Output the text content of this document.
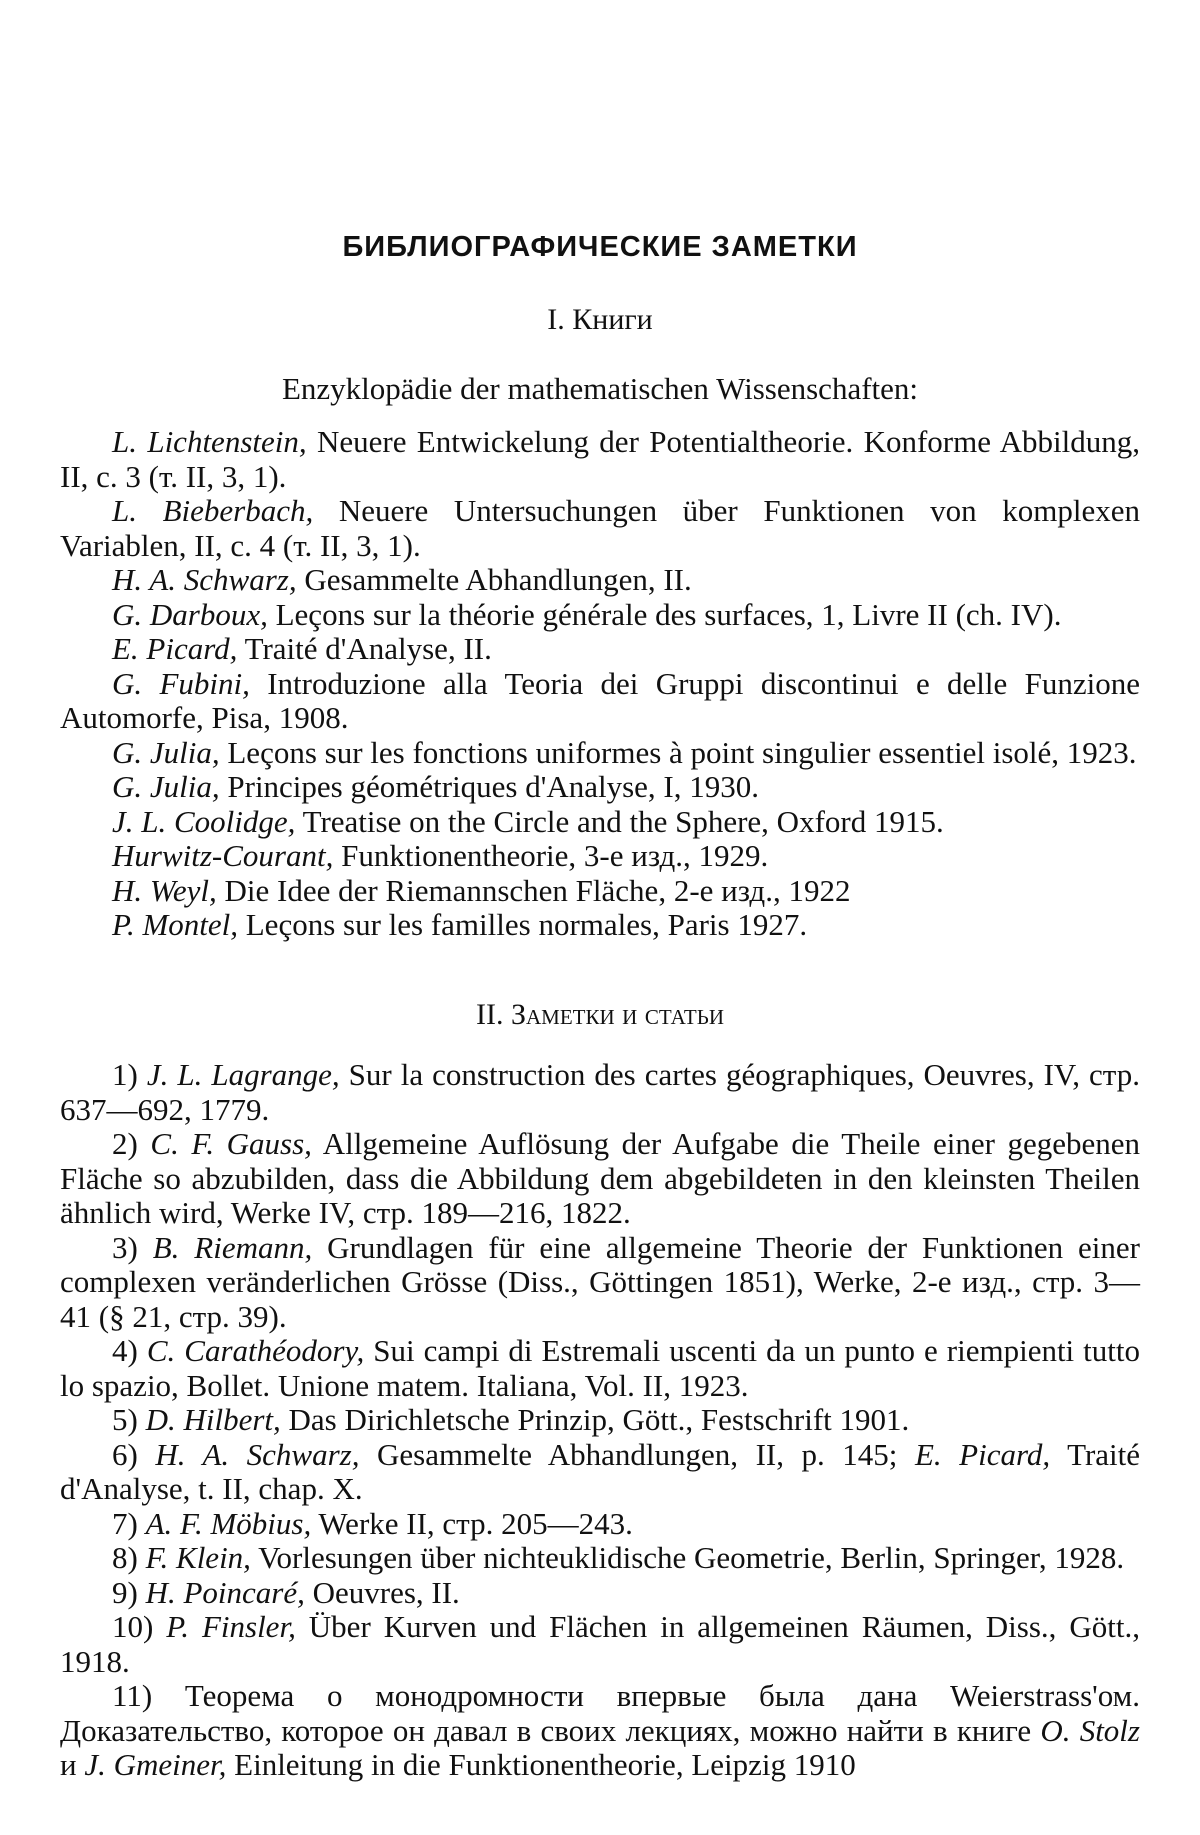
БИБЛИОГРАФИЧЕСКИЕ ЗАМЕТКИ
I. Книги
Enzyklopädie der mathematischen Wissenschaften:

L. Lichtenstein, Neuere Entwickelung der Potentialtheorie. Konforme Abbildung, II, с. 3 (т. II, 3, 1).

L. Bieberbach, Neuere Untersuchungen über Funktionen von komplexen Variablen, II, с. 4 (т. II, 3, 1).

H. A. Schwarz, Gesammelte Abhandlungen, II.

G. Darboux, Leçons sur la théorie générale des surfaces, 1, Livre II (ch. IV).

E. Picard, Traité d'Analyse, II.

G. Fubini, Introduzione alla Teoria dei Gruppi discontinui e delle Funzione Automorfe, Pisa, 1908.

G. Julia, Leçons sur les fonctions uniformes à point singulier essentiel isolé, 1923.

G. Julia, Principes géométriques d'Analyse, I, 1930.

J. L. Coolidge, Treatise on the Circle and the Sphere, Oxford 1915.

Hurwitz-Courant, Funktionentheorie, 3-е изд., 1929.

H. Weyl, Die Idee der Riemannschen Fläche, 2-е изд., 1922

P. Montel, Leçons sur les familles normales, Paris 1927.

II. Заметки и статьи

1) J. L. Lagrange, Sur la construction des cartes géographiques, Oeuvres, IV, стр. 637—692, 1779.

2) C. F. Gauss, Allgemeine Auflösung der Aufgabe die Theile einer gegebenen Fläche so abzubilden, dass die Abbildung dem abgebildeten in den kleinsten Theilen ähnlich wird, Werke IV, стр. 189—216, 1822.

3) B. Riemann, Grundlagen für eine allgemeine Theorie der Funktionen einer complexen veränderlichen Grösse (Diss., Göttingen 1851), Werke, 2-е изд., стр. 3—41 (§ 21, стр. 39).

4) C. Carathéodory, Sui campi di Estremali uscenti da un punto e riempienti tutto lo spazio, Bollet. Unione matem. Italiana, Vol. II, 1923.

5) D. Hilbert, Das Dirichletsche Prinzip, Gött., Festschrift 1901.

6) H. A. Schwarz, Gesammelte Abhandlungen, II, p. 145; E. Picard, Traité d'Analyse, t. II, chap. X.

7) A. F. Möbius, Werke II, стр. 205—243.

8) F. Klein, Vorlesungen über nichteuklidische Geometrie, Berlin, Springer, 1928.

9) H. Poincaré, Oeuvres, II.

10) P. Finsler, Über Kurven und Flächen in allgemeinen Räumen, Diss., Gött., 1918.

11) Теорема о монодромности впервые была дана Weierstrass'ом. Доказательство, которое он давал в своих лекциях, можно найти в книге O. Stolz и J. Gmeiner, Einleitung in die Funktionentheorie, Leipzig 1910
